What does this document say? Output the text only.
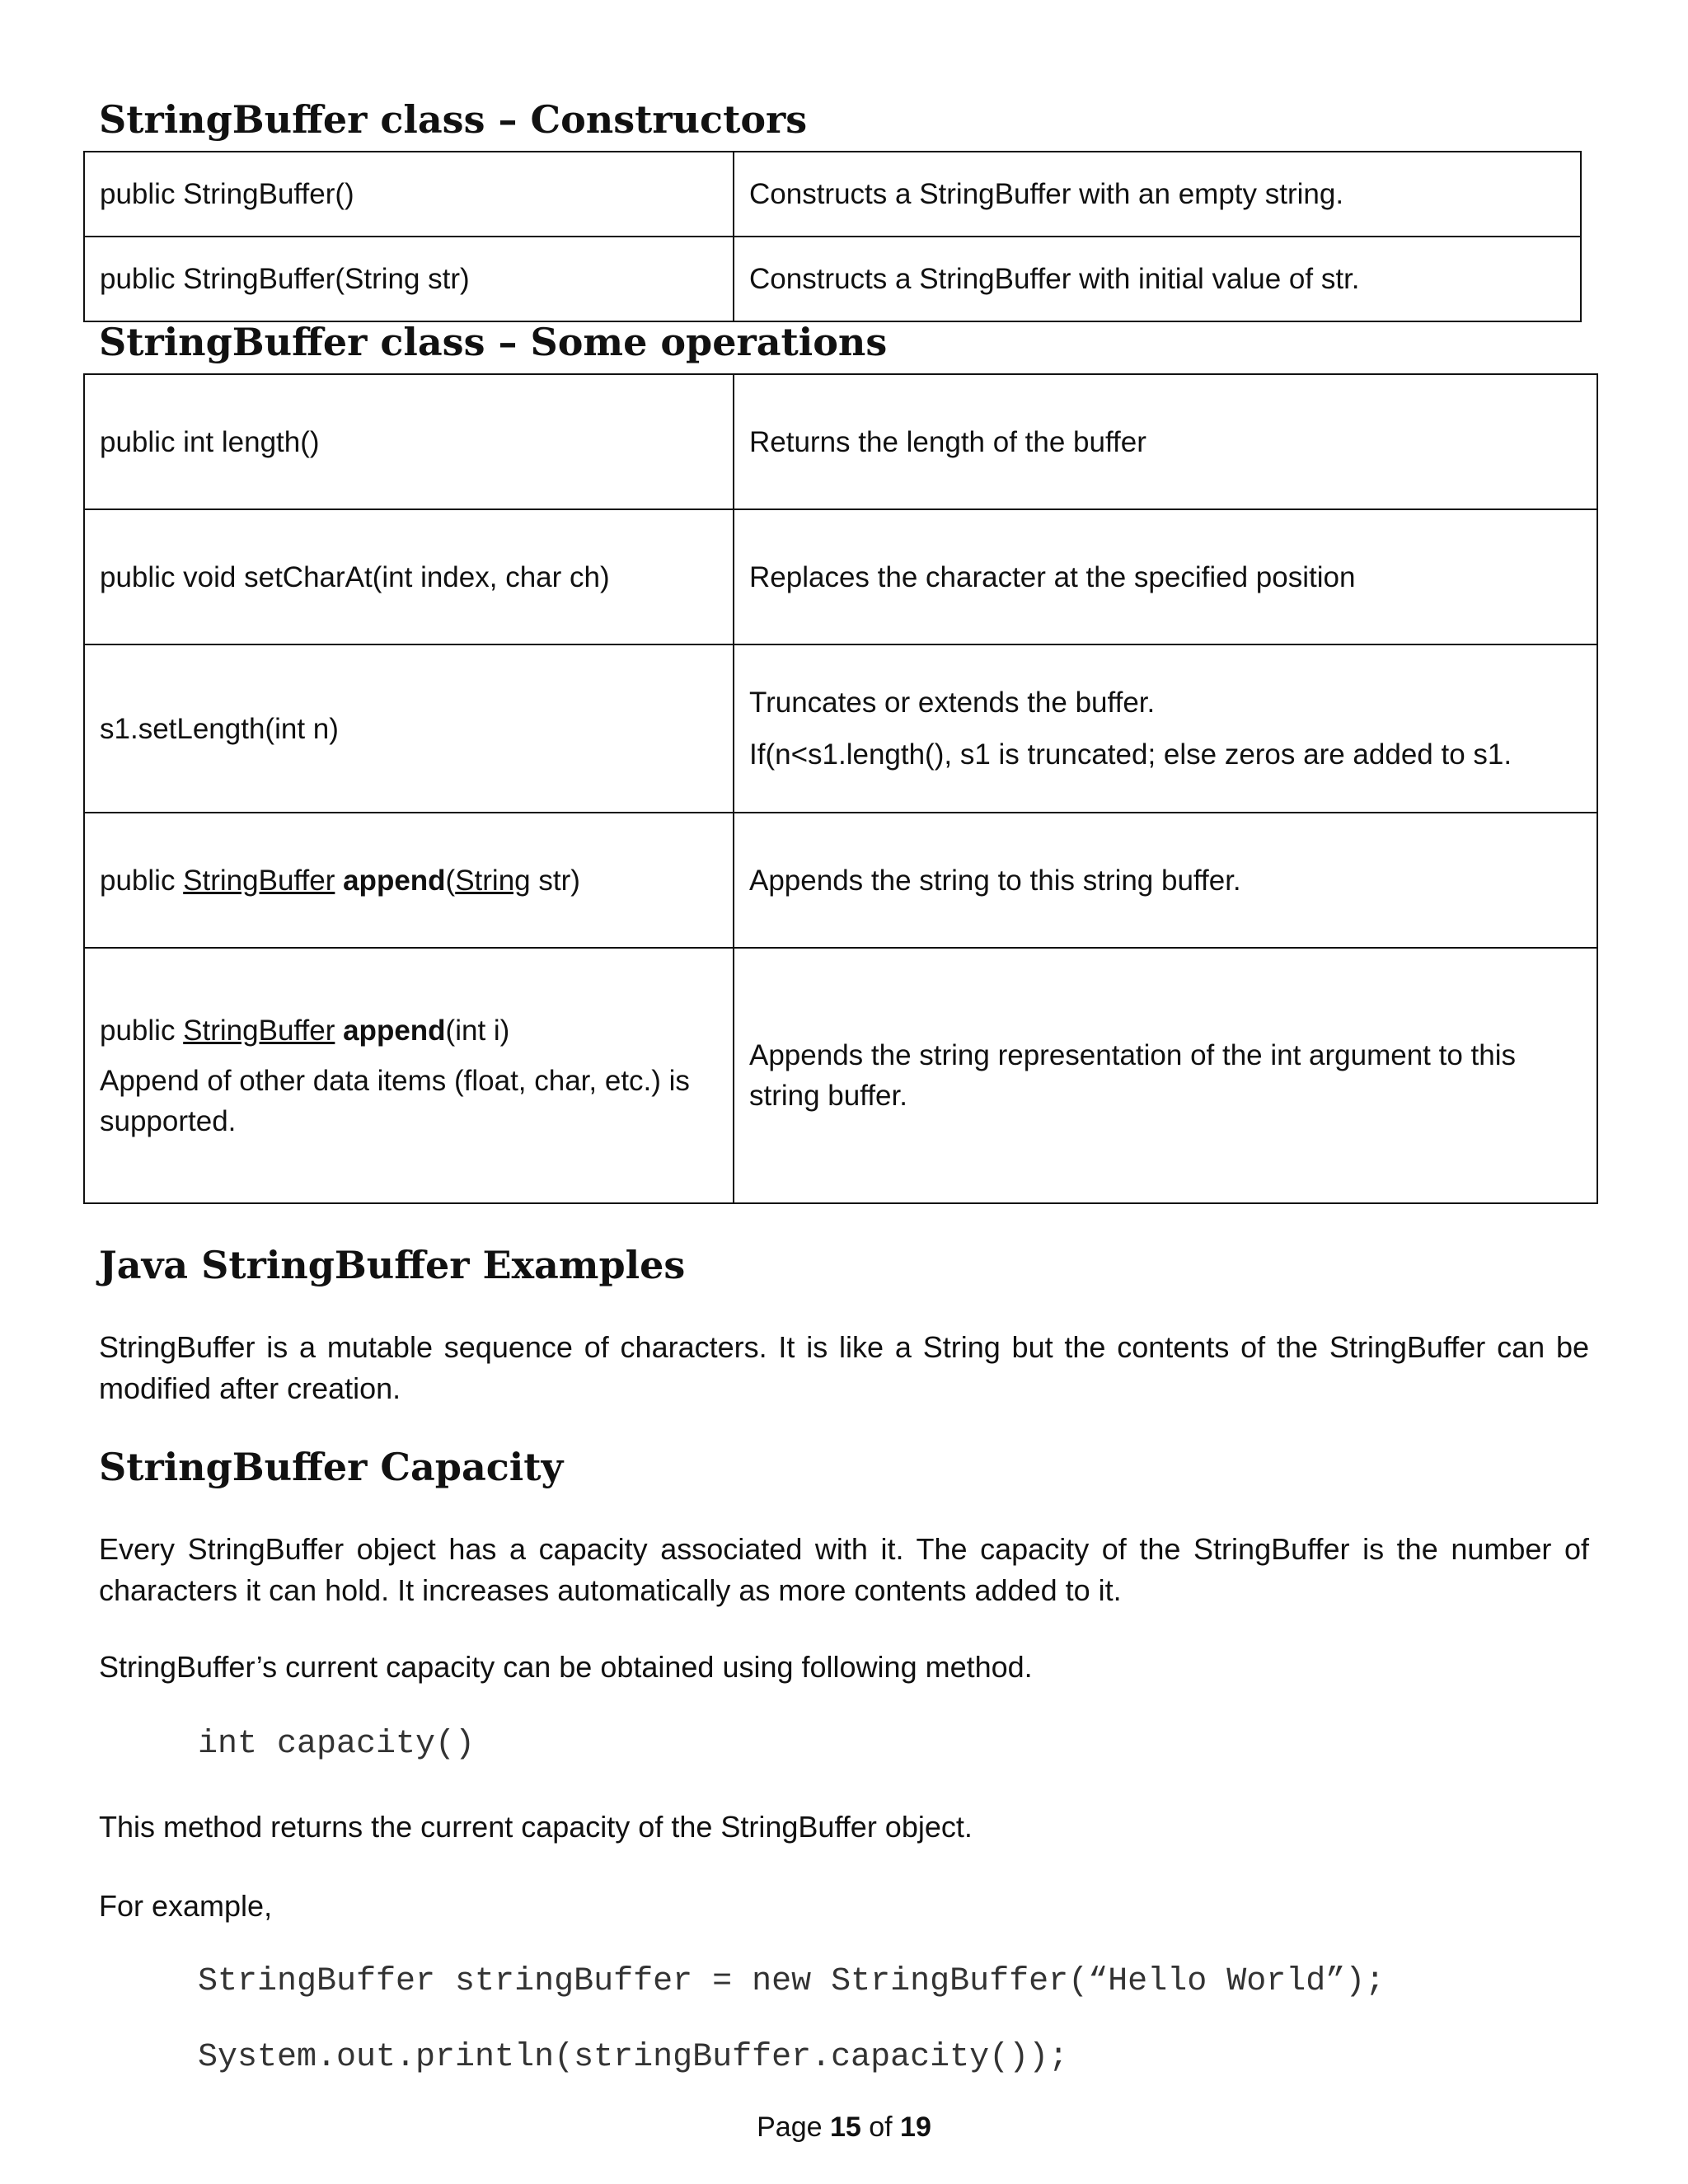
StringBuffer class – Constructors
public StringBuffer()	Constructs a StringBuffer with an empty string.
public StringBuffer(String str)	Constructs a StringBuffer with initial value of str.
StringBuffer class – Some operations
public int length()	Returns the length of the buffer
public void setCharAt(int index, char ch)	Replaces the character at the specified position
s1.setLength(int n)	Truncates or extends the buffer.
If(n<s1.length(), s1 is truncated; else zeros are added to s1.

public StringBuffer append(String str)	Appends the string to this string buffer.

public StringBuffer append(int i)
Append of other data items (float, char, etc.) is supported.	Appends the string representation of the int argument to this string buffer.
Java StringBuffer Examples

StringBuffer is a mutable sequence of characters. It is like a String but the contents of the StringBuffer can be modified after creation.

StringBuffer Capacity

Every StringBuffer object has a capacity associated with it. The capacity of the StringBuffer is the number of characters it can hold. It increases automatically as more contents added to it.

StringBuffer’s current capacity can be obtained using following method.

int capacity()

This method returns the current capacity of the StringBuffer object.

For example,

StringBuffer stringBuffer = new StringBuffer(“Hello World”);
System.out.println(stringBuffer.capacity());
Page 15 of 19
